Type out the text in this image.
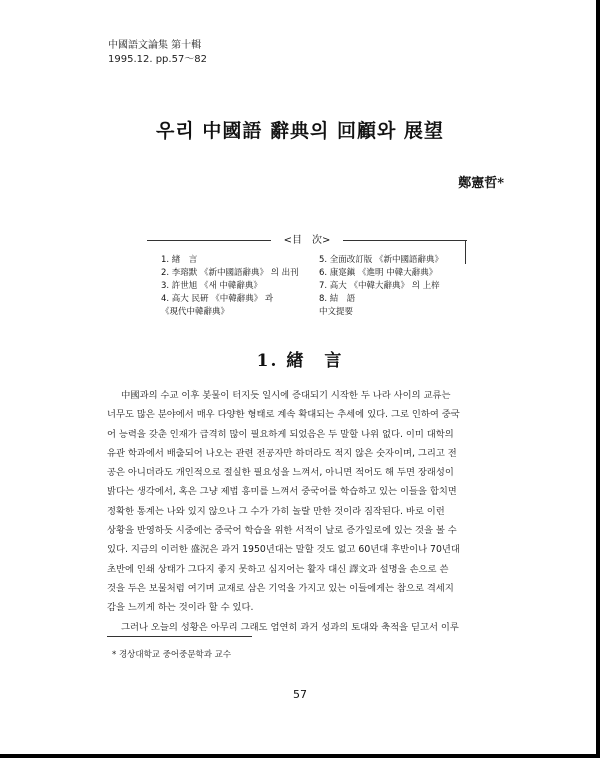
中國語文論集 第十輯
1995.12. pp.57～82
우리 中國語 辭典의 回顧와 展望
鄭憲哲*
<目　次>
1. 緖　言
2. 李瑢默 《新中國語辭典》 의 出刊
3. 許世旭 《새 中韓辭典》
4. 高大 民硏 《中韓辭典》 과
《現代中韓辭典》
5. 全面改訂版 《新中國語辭典》
6. 康寔鎭 《進明 中韓大辭典》
7. 高大 《中韓大辭典》 의 上梓
8. 結　語
中文提要
1. 緖　言

中國과의 수교 이후 봇물이 터지듯 일시에 증대되기 시작한 두 나라 사이의 교류는

너무도 많은 분야에서 매우 다양한 형태로 계속 확대되는 추세에 있다. 그로 인하여 중국

어 능력을 갖춘 인재가 급격히 많이 필요하게 되었음은 두 말할 나위 없다. 이미 대학의

유관 학과에서 배출되어 나오는 관련 전공자만 하더라도 적지 않은 숫자이며, 그리고 전

공은 아니더라도 개인적으로 절실한 필요성을 느껴서, 아니면 적어도 해 두면 장래성이

밝다는 생각에서, 혹은 그냥 제법 흥미를 느껴서 중국어를 학습하고 있는 이들을 합치면

정확한 통계는 나와 있지 않으나 그 수가 가히 놀랄 만한 것이라 짐작된다. 바로 이런

상황을 반영하듯 시중에는 중국어 학습을 위한 서적이 날로 증가일로에 있는 것을 볼 수

있다. 지금의 이러한 盛況은 과거 1950년대는 말할 것도 없고 60년대 후반이나 70년대

초반에 인쇄 상태가 그다지 좋지 못하고 심지어는 활자 대신 譯文과 설명을 손으로 쓴

것을 두은 보물처럼 여기며 교재로 삼은 기억을 가지고 있는 이들에게는 참으로 격세지

감을 느끼게 하는 것이라 할 수 있다.

그러나 오늘의 성황은 아무리 그래도 엄연히 과거 성과의 토대와 축적을 딛고서 이루

* 경상대학교 중어중문학과 교수
57
